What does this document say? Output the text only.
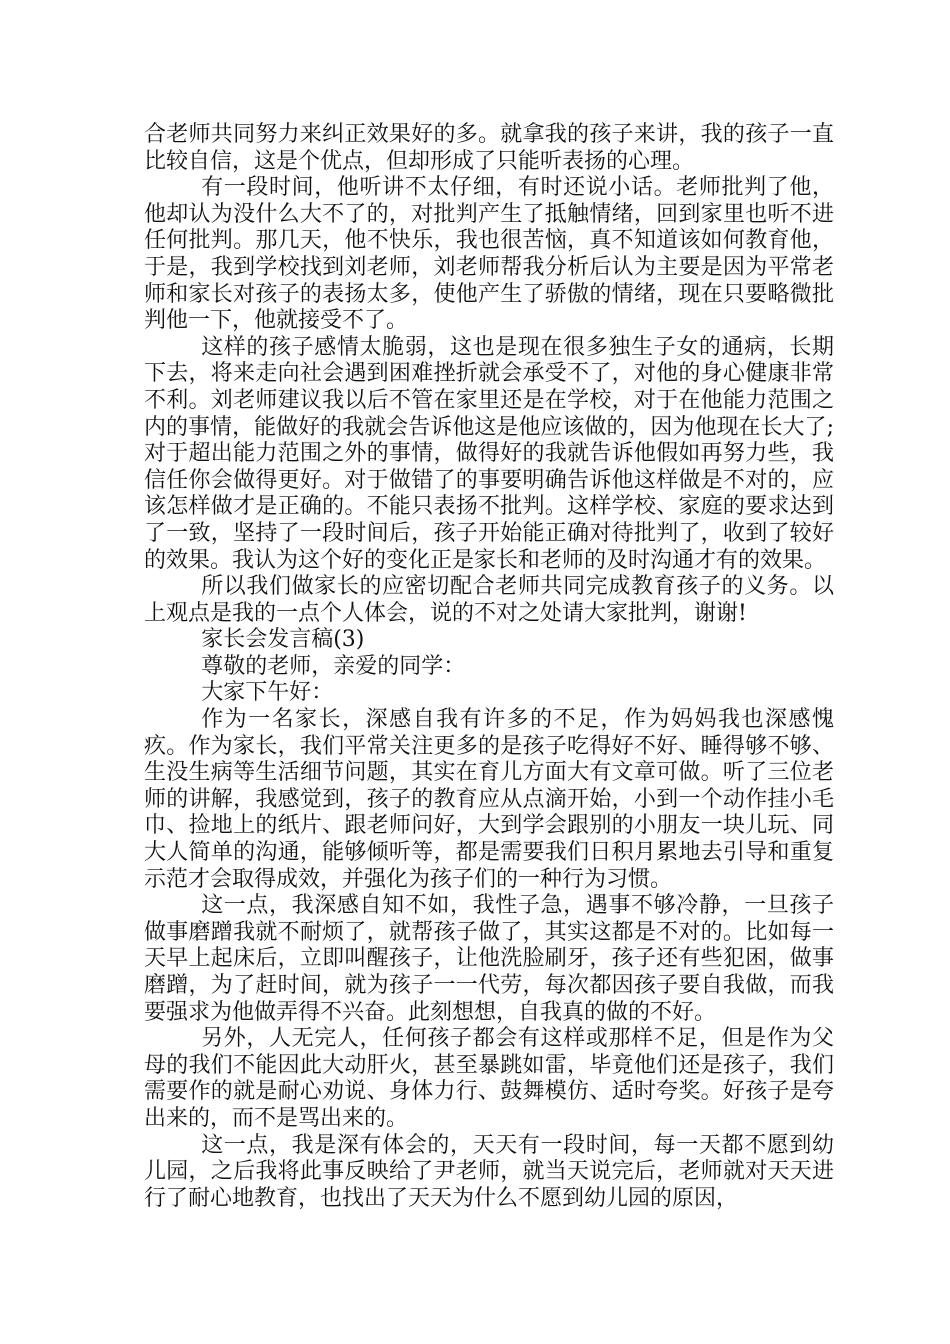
合老师共同努力来纠正效果好的多。就拿我的孩子来讲，我的孩子一直比较自信，这是个优点，但却形成了只能听表扬的心理。

有一段时间，他听讲不太仔细，有时还说小话。老师批判了他，他却认为没什么大不了的，对批判产生了抵触情绪，回到家里也听不进任何批判。那几天，他不快乐，我也很苦恼，真不知道该如何教育他，于是，我到学校找到刘老师，刘老师帮我分析后认为主要是因为平常老师和家长对孩子的表扬太多，使他产生了骄傲的情绪，现在只要略微批判他一下，他就接受不了。

这样的孩子感情太脆弱，这也是现在很多独生子女的通病，长期下去，将来走向社会遇到困难挫折就会承受不了，对他的身心健康非常不利。刘老师建议我以后不管在家里还是在学校，对于在他能力范围之内的事情，能做好的我就会告诉他这是他应该做的，因为他现在长大了;对于超出能力范围之外的事情，做得好的我就告诉他假如再努力些，我信任你会做得更好。对于做错了的事要明确告诉他这样做是不对的，应该怎样做才是正确的。不能只表扬不批判。这样学校、家庭的要求达到了一致，坚持了一段时间后，孩子开始能正确对待批判了，收到了较好的效果。我认为这个好的变化正是家长和老师的及时沟通才有的效果。

所以我们做家长的应密切配合老师共同完成教育孩子的义务。以上观点是我的一点个人体会，说的不对之处请大家批判，谢谢!

家长会发言稿(3)

尊敬的老师，亲爱的同学：

大家下午好：

作为一名家长，深感自我有许多的不足，作为妈妈我也深感愧疚。作为家长，我们平常关注更多的是孩子吃得好不好、睡得够不够、生没生病等生活细节问题，其实在育儿方面大有文章可做。听了三位老师的讲解，我感觉到，孩子的教育应从点滴开始，小到一个动作挂小毛巾、捡地上的纸片、跟老师问好，大到学会跟别的小朋友一块儿玩、同大人简单的沟通，能够倾听等，都是需要我们日积月累地去引导和重复示范才会取得成效，并强化为孩子们的一种行为习惯。

这一点，我深感自知不如，我性子急，遇事不够冷静，一旦孩子做事磨蹭我就不耐烦了，就帮孩子做了，其实这都是不对的。比如每一天早上起床后，立即叫醒孩子，让他洗脸刷牙，孩子还有些犯困，做事磨蹭，为了赶时间，就为孩子一一代劳，每次都因孩子要自我做，而我要强求为他做弄得不兴奋。此刻想想，自我真的做的不好。

另外，人无完人，任何孩子都会有这样或那样不足，但是作为父母的我们不能因此大动肝火，甚至暴跳如雷，毕竟他们还是孩子，我们需要作的就是耐心劝说、身体力行、鼓舞模仿、适时夸奖。好孩子是夸出来的，而不是骂出来的。

这一点，我是深有体会的，天天有一段时间，每一天都不愿到幼儿园，之后我将此事反映给了尹老师，就当天说完后，老师就对天天进行了耐心地教育，也找出了天天为什么不愿到幼儿园的原因，
